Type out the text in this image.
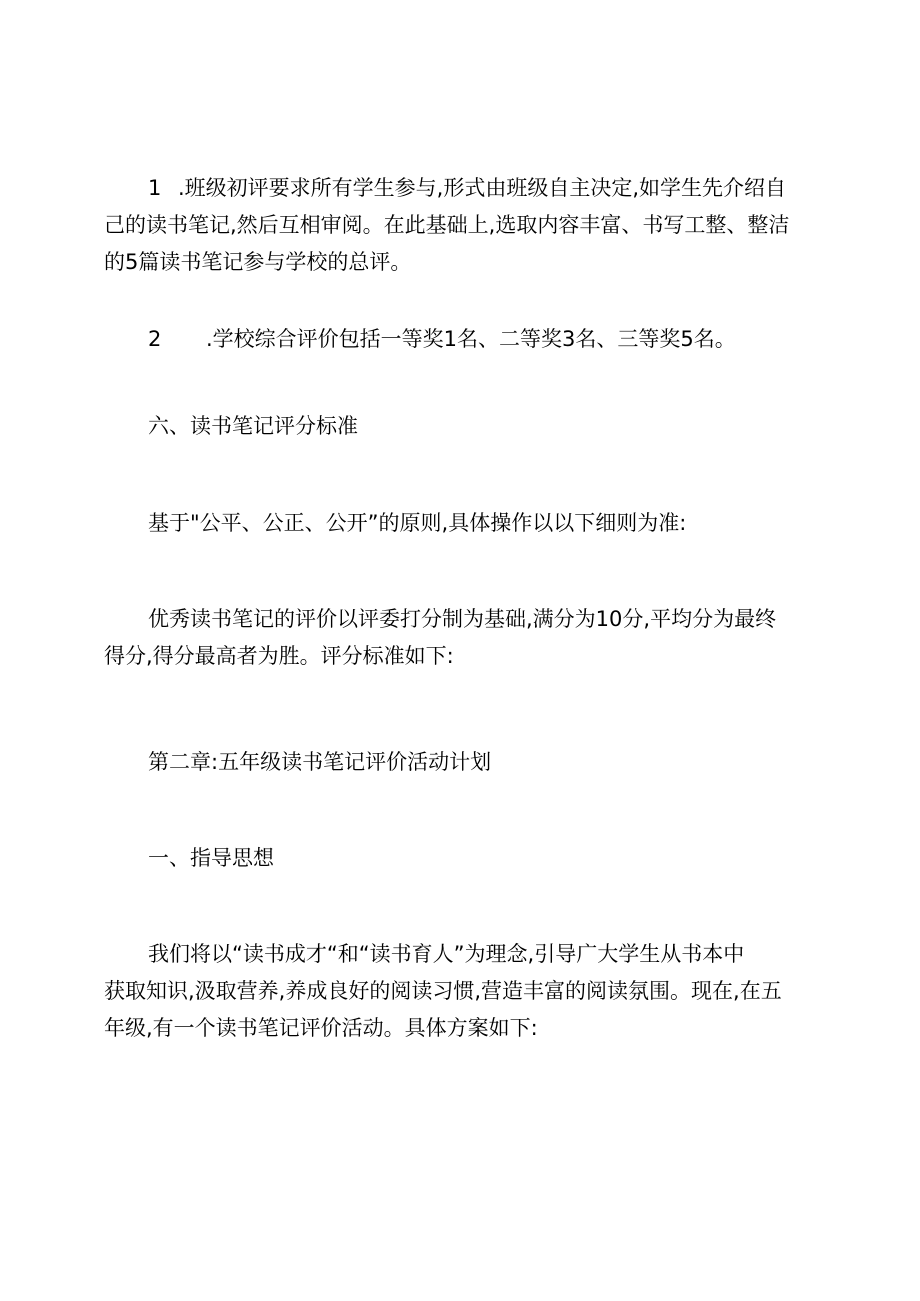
1 .班级初评要求所有学生参与,形式由班级自主决定,如学生先介绍自
己的读书笔记,然后互相审阅。在此基础上,选取内容丰富、书写工整、整洁
的5篇读书笔记参与学校的总评。
2 .学校综合评价包括一等奖1名、二等奖3名、三等奖5名。
六、读书笔记评分标准
基于"公平、公正、公开”的原则,具体操作以以下细则为准:
优秀读书笔记的评价以评委打分制为基础,满分为10分,平均分为最终
得分,得分最高者为胜。评分标准如下:
第二章:五年级读书笔记评价活动计划
一、指导思想
我们将以“读书成才“和“读书育人”为理念,引导广大学生从书本中
获取知识,汲取营养,养成良好的阅读习惯,营造丰富的阅读氛围。现在,在五
年级,有一个读书笔记评价活动。具体方案如下:
